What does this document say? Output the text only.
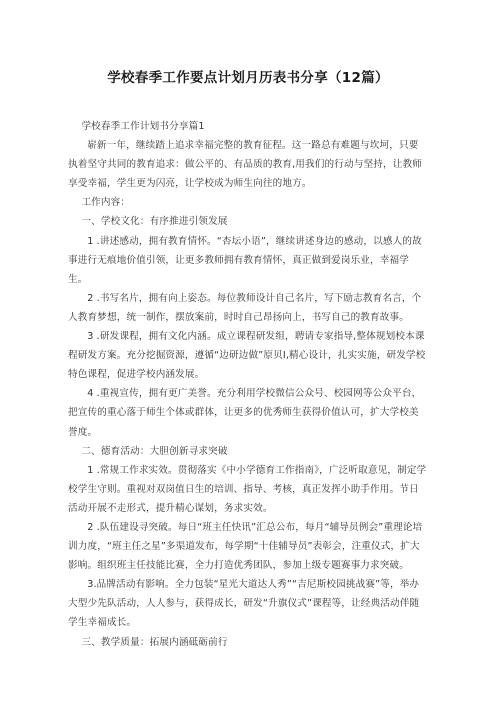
学校春季工作要点计划月历表书分享（12篇）

学校春季工作计划书分享篇1

崭新一年，继续踏上追求幸福完整的教育征程。这一路总有难题与坎坷，只要执着坚守共同的教育追求：做公平的、有品质的教育,用我们的行动与坚持，让教师享受幸福，学生更为闪亮，让学校成为师生向往的地方。

工作内容：

一、学校文化：有序推进引领发展

1 .讲述感动，拥有教育情怀。“杏坛小语”，继续讲述身边的感动，以感人的故事进行无痕地价值引领，让更多教师拥有教育情怀，真正做到爱岗乐业，幸福学生。

2 .书写名片，拥有向上姿态。每位教师设计自己名片，写下励志教育名言，个人教育梦想，统一制作，摆放案前，时时自己昂扬向上，书写自己的教育故事。

3 .研发课程，拥有文化内涵。成立课程研发组，聘请专家指导,整体规划校本课程研发方案。充分挖掘资源，遵循“边研边做”原贝I,精心设计，扎实实施，研发学校特色课程，促进学校内涵发展。

4 .重视宣传，拥有更广美誉。充分利用学校微信公众号、校园网等公众平台，把宣传的重心落于师生个体或群体，让更多的优秀师生获得价值认可，扩大学校美誉度。

二、德育活动：大胆创新寻求突破

1 .常规工作求实效。贯彻落实《中小学德育工作指南》，广泛听取意见，制定学校学生守则。重视对双岗值日生的培训、指导、考核，真正发挥小助手作用。节日活动开展不走形式，提升精心谋划，务求实效。

2 .队伍建设寻突破。每日“班主任快讯”汇总公布，每月“辅导员例会”重理论培训力度，“班主任之星”多渠道发布，每学期“十佳辅导员”表彰会，注重仪式，扩大影响。组织班主任技能比赛，全力打造优秀团队，参加上级专题赛事力求突破。

3.品牌活动有影响。全力包装“星光大道达人秀”“吉尼斯校园挑战赛”等，举办大型少先队活动，人人参与，获得成长，研发“升旗仪式”课程等，让经典活动伴随学生幸福成长。

三、教学质量：拓展内涵砥砺前行
